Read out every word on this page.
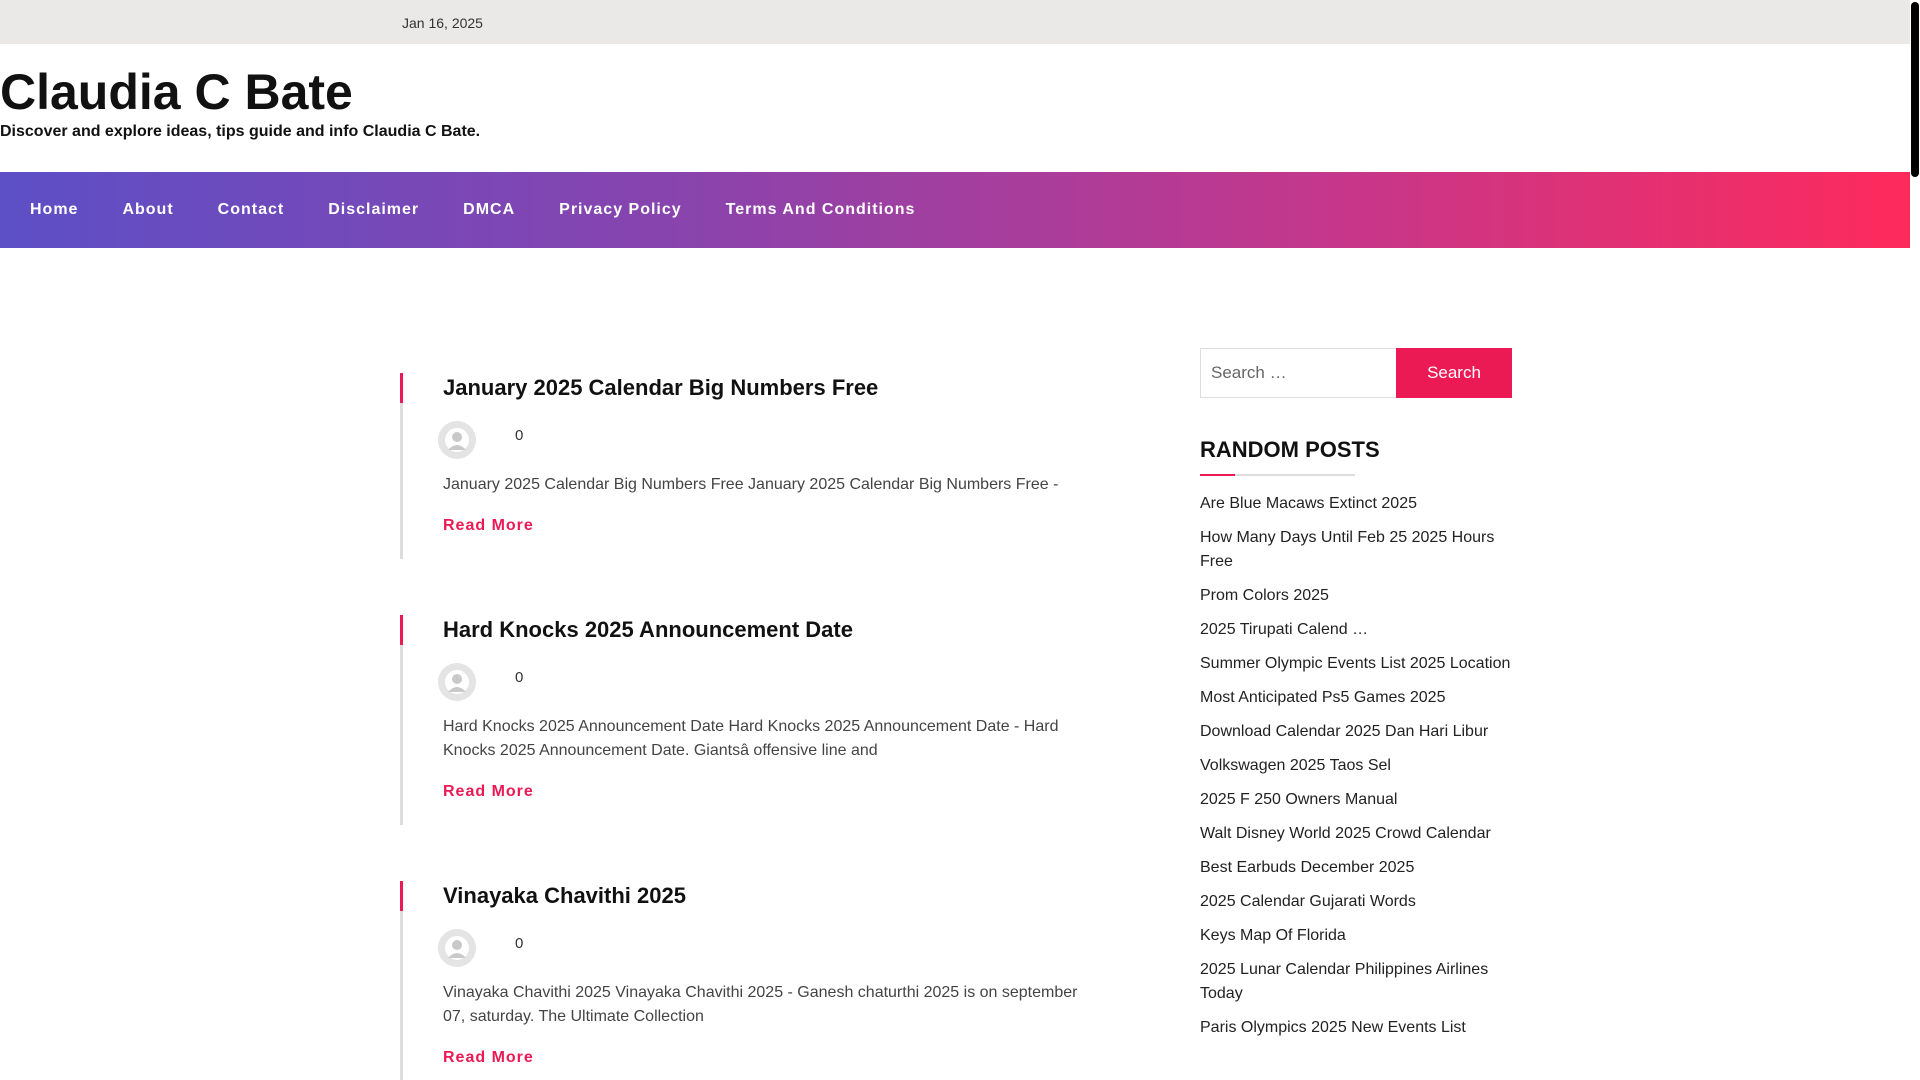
Jan 16, 2025
Claudia C Bate
Discover and explore ideas, tips guide and info Claudia C Bate.
Home	About	Contact	Disclaimer	DMCA	Privacy Policy	Terms And Conditions
January 2025 Calendar Big Numbers Free
0
January 2025 Calendar Big Numbers Free January 2025 Calendar Big Numbers Free -
Read More
Hard Knocks 2025 Announcement Date
0
Hard Knocks 2025 Announcement Date Hard Knocks 2025 Announcement Date - Hard Knocks 2025 Announcement Date. Giantsâ offensive line and
Read More
Vinayaka Chavithi 2025
0
Vinayaka Chavithi 2025 Vinayaka Chavithi 2025 - Ganesh chaturthi 2025 is on september 07, saturday. The Ultimate Collection
Read More
Search …
Search
RANDOM POSTS
Are Blue Macaws Extinct 2025
How Many Days Until Feb 25 2025 Hours Free
Prom Colors 2025
2025 Tirupati Calend …
Summer Olympic Events List 2025 Location
Most Anticipated Ps5 Games 2025
Download Calendar 2025 Dan Hari Libur
Volkswagen 2025 Taos Sel
2025 F 250 Owners Manual
Walt Disney World 2025 Crowd Calendar
Best Earbuds December 2025
2025 Calendar Gujarati Words
Keys Map Of Florida
2025 Lunar Calendar Philippines Airlines Today
Paris Olympics 2025 New Events List
